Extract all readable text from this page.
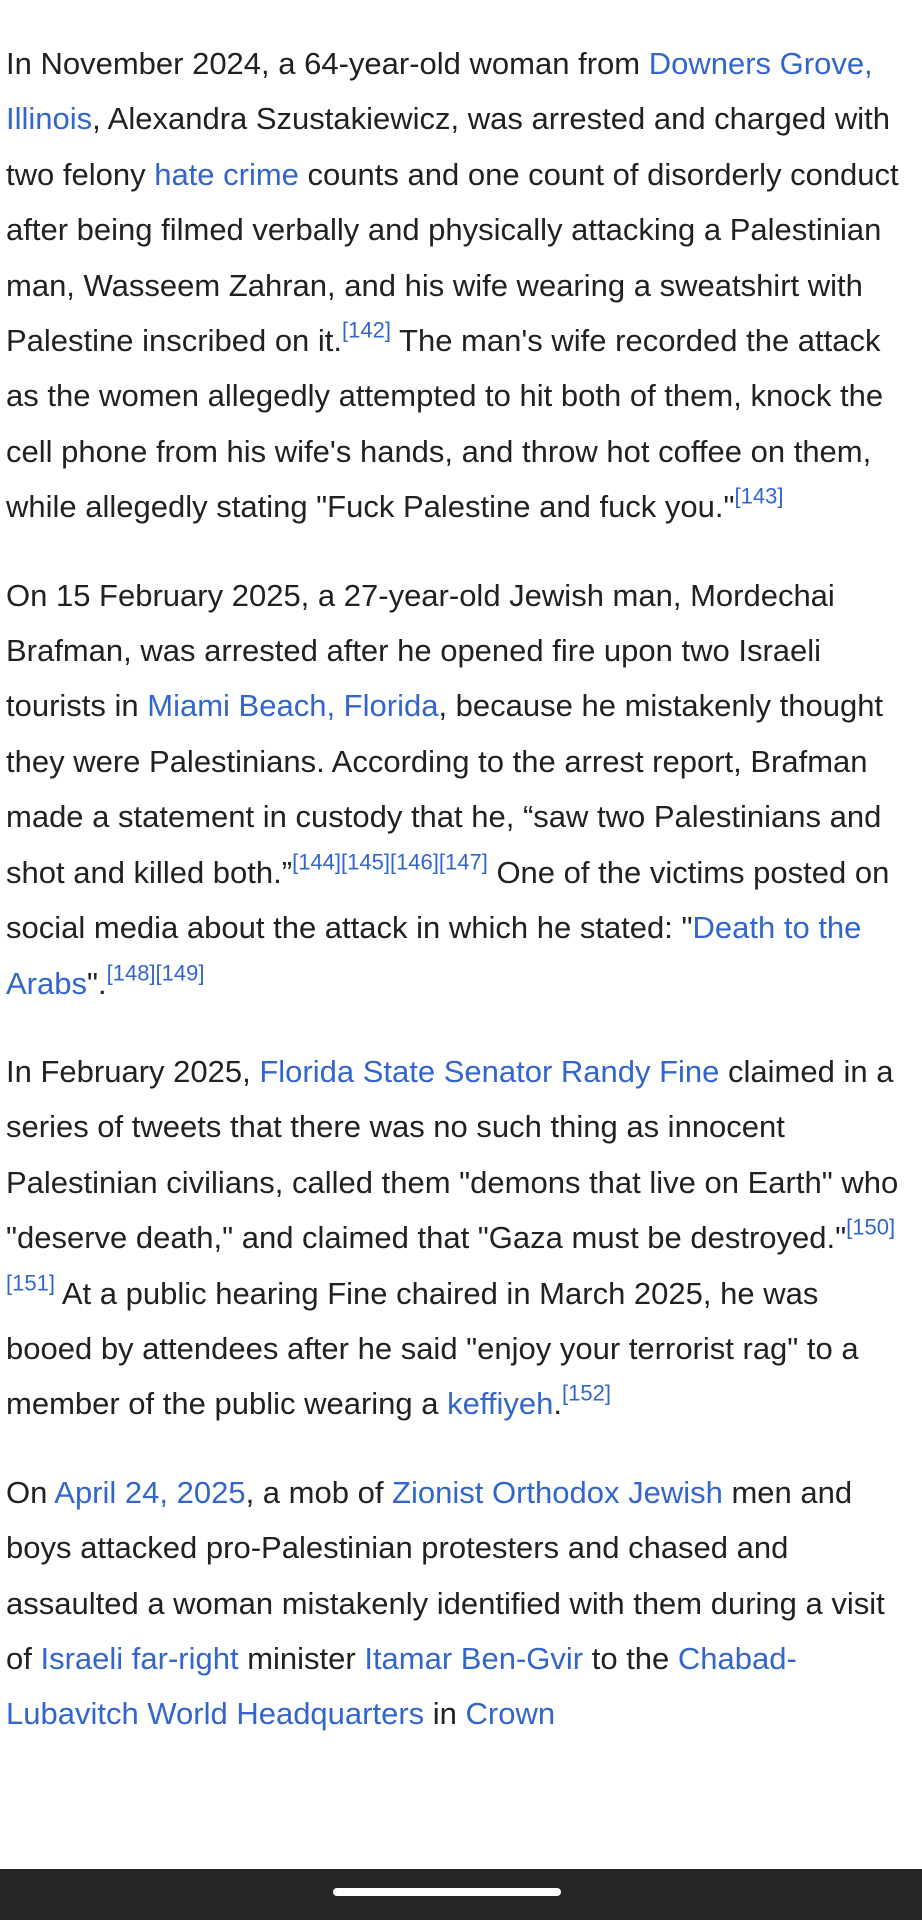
In November 2024, a 64-year-old woman from Downers Grove, Illinois, Alexandra Szustakiewicz, was arrested and charged with two felony hate crime counts and one count of disorderly conduct after being filmed verbally and physically attacking a Palestinian man, Wasseem Zahran, and his wife wearing a sweatshirt with Palestine inscribed on it.[142] The man's wife recorded the attack as the women allegedly attempted to hit both of them, knock the cell phone from his wife's hands, and throw hot coffee on them, while allegedly stating "Fuck Palestine and fuck you."[143]

On 15 February 2025, a 27-year-old Jewish man, Mordechai Brafman, was arrested after he opened fire upon two Israeli tourists in Miami Beach, Florida, because he mistakenly thought they were Palestinians. According to the arrest report, Brafman made a statement in custody that he, “saw two Palestinians and shot and killed both.”[144][145][146][147] One of the victims posted on social media about the attack in which he stated: "Death to the Arabs".[148][149]

In February 2025, Florida State Senator Randy Fine claimed in a series of tweets that there was no such thing as innocent Palestinian civilians, called them "demons that live on Earth" who "deserve death," and claimed that "Gaza must be destroyed."[150][151] At a public hearing Fine chaired in March 2025, he was booed by attendees after he said "enjoy your terrorist rag" to a member of the public wearing a keffiyeh.[152]

On April 24, 2025, a mob of Zionist Orthodox Jewish men and boys attacked pro-Palestinian protesters and chased and assaulted a woman mistakenly identified with them during a visit of Israeli far-right minister Itamar Ben-Gvir to the Chabad-Lubavitch World Headquarters in Crown
